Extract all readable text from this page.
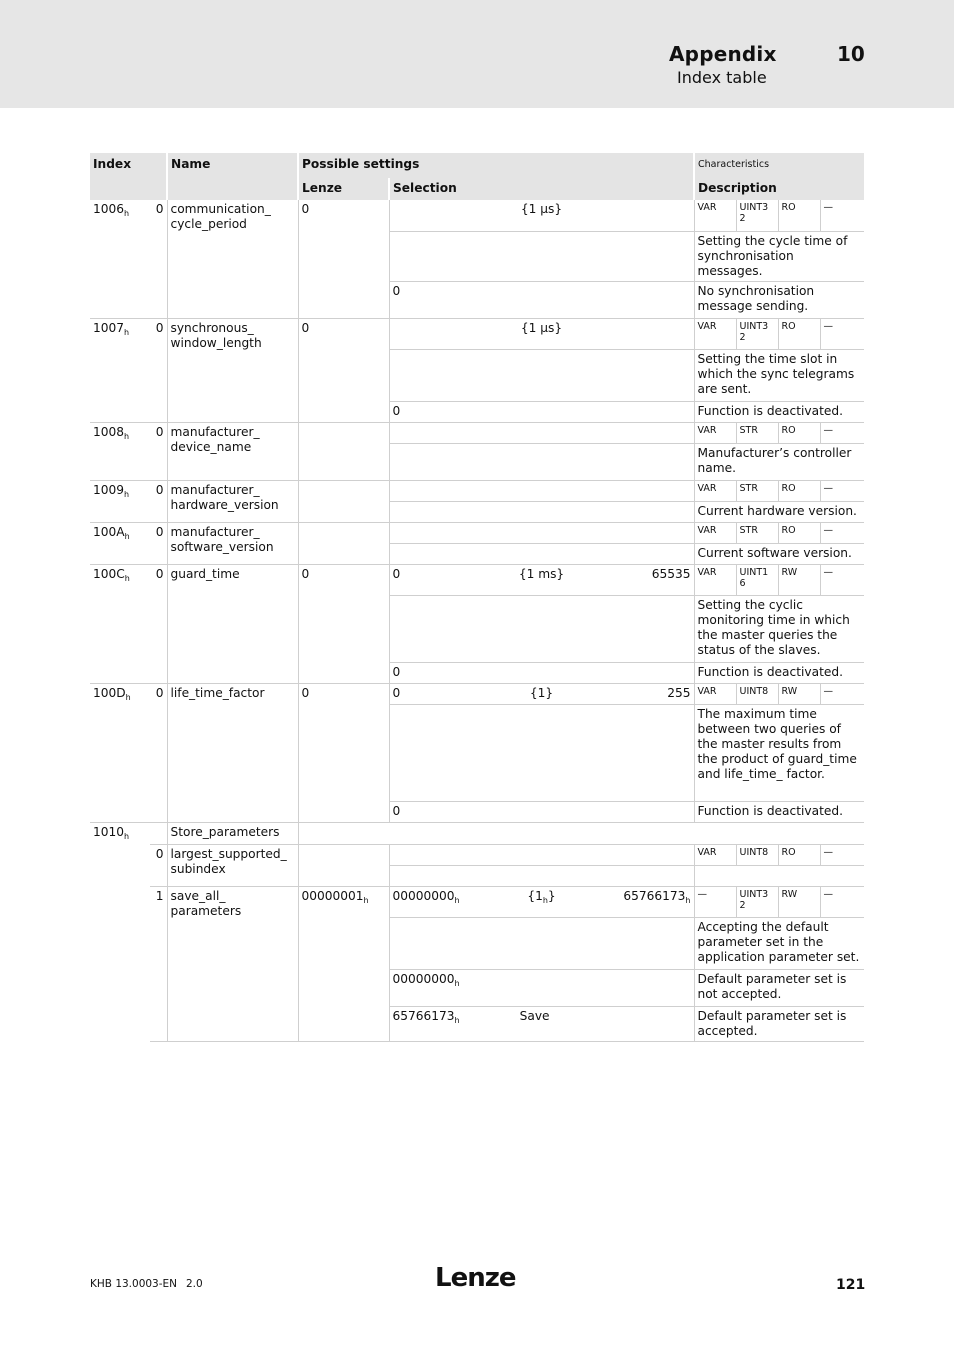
Appendix	10
Index table
Index		Name	Possible settings		Characteristics			
			Lenze	Selection	Description			
$1006_h$	0	communication_ cycle_period	0	{1 µs}	VAR	UINT3 2	RO	—
					Setting the cycle time of synchronisation messages.			
				0	No synchronisation message sending.			
$1007_h$	0	synchronous_ window_length	0	{1 µs}	VAR	UINT3 2	RO	—
					Setting the time slot in which the sync telegrams are sent.			
				0	Function is deactivated.			
$1008_h$	0	manufacturer_ device_name			VAR	STR	RO	—
					Manufacturer’s controller name.			
$1009_h$	0	manufacturer_ hardware_version			VAR	STR	RO	—
					Current hardware version.			
$100A_h$	0	manufacturer_ software_version			VAR	STR	RO	—
					Current software version.			
$100C_h$	0	guard_time	0	0 {1 ms} 65535	VAR	UINT1 6	RW	—
					Setting the cyclic monitoring time in which the master queries the status of the slaves.			
				0	Function is deactivated.			
$100D_h$	0	life_time_factor	0	0 {1} 255	VAR	UINT8	RW	—
					The maximum time between two queries of the master results from the product of guard_time and life_time_ factor.			
				0	Function is deactivated.			
$1010_h$		Store_parameters						
	0	largest_supported_ subindex			VAR	UINT8	RO	—

	1	save_all_ parameters	$00000001_h$	$00000000_h$ $\{1_h\}$ $65766173_h$	—	UINT3 2	RW	—
					Accepting the default parameter set in the application parameter set.			
				$00000000_h$	Default parameter set is not accepted.			
				$65766173_h$ Save	Default parameter set is accepted.			

KHB 13.0003-EN 2.0	Lenze	121
